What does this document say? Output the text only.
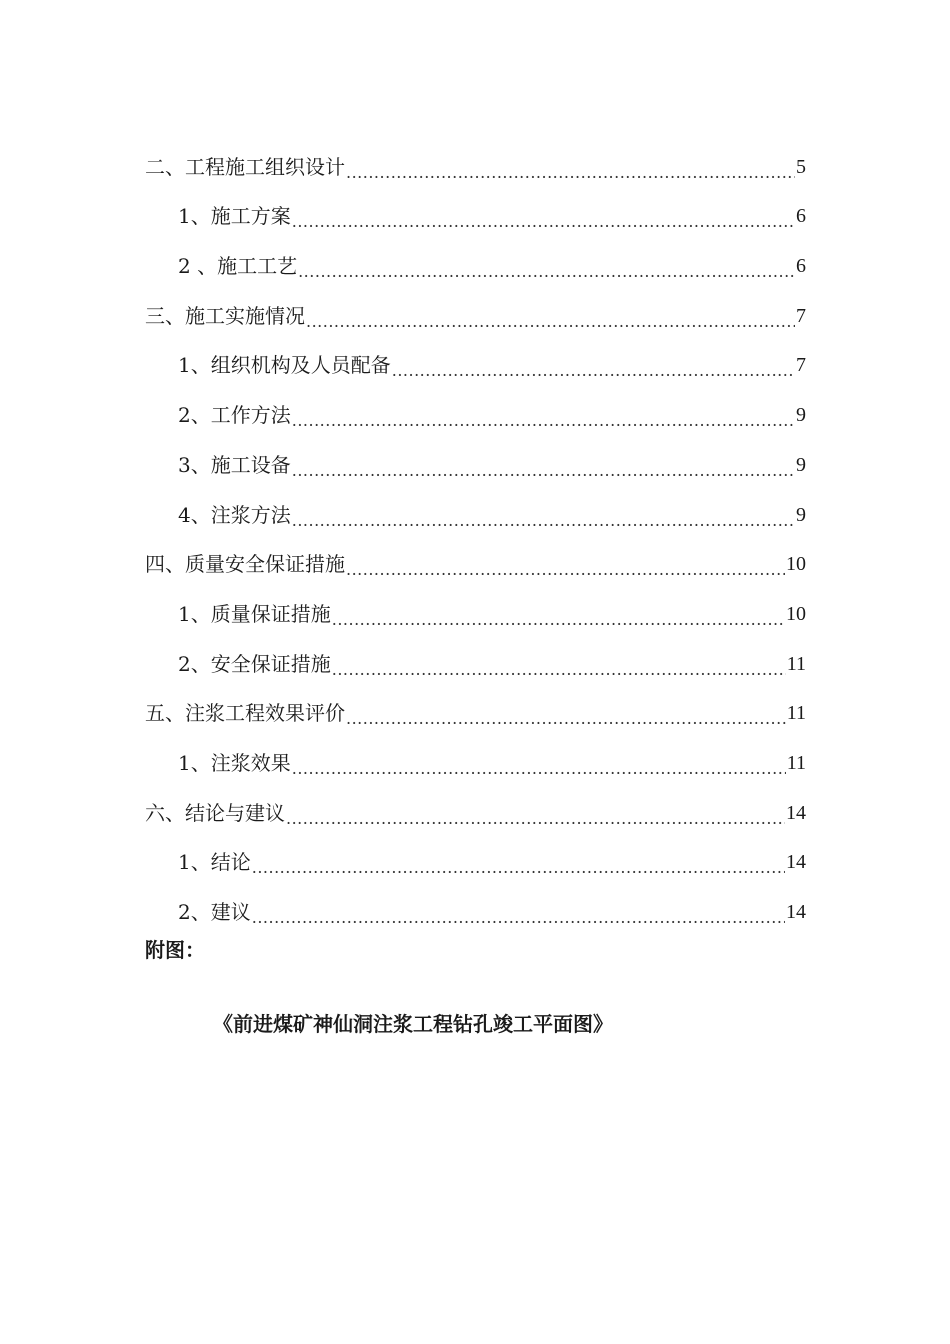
二、工程施工组织设计 .....	5
1、施工方案 .....	6
2 、施工工艺 .....	6
三、施工实施情况 .....	7
1、组织机构及人员配备 .....	7
2、工作方法 .....	9
3、施工设备 .....	9
4、注浆方法 .....	9
四、质量安全保证措施 .....	10
1、质量保证措施 .....	10
2、安全保证措施 .....	11
五、注浆工程效果评价 .....	11
1、注浆效果 .....	11
六、结论与建议 .....	14
1、结论 .....	14
2、建议 .....	14
附图：
《前进煤矿神仙洞注浆工程钻孔竣工平面图》
